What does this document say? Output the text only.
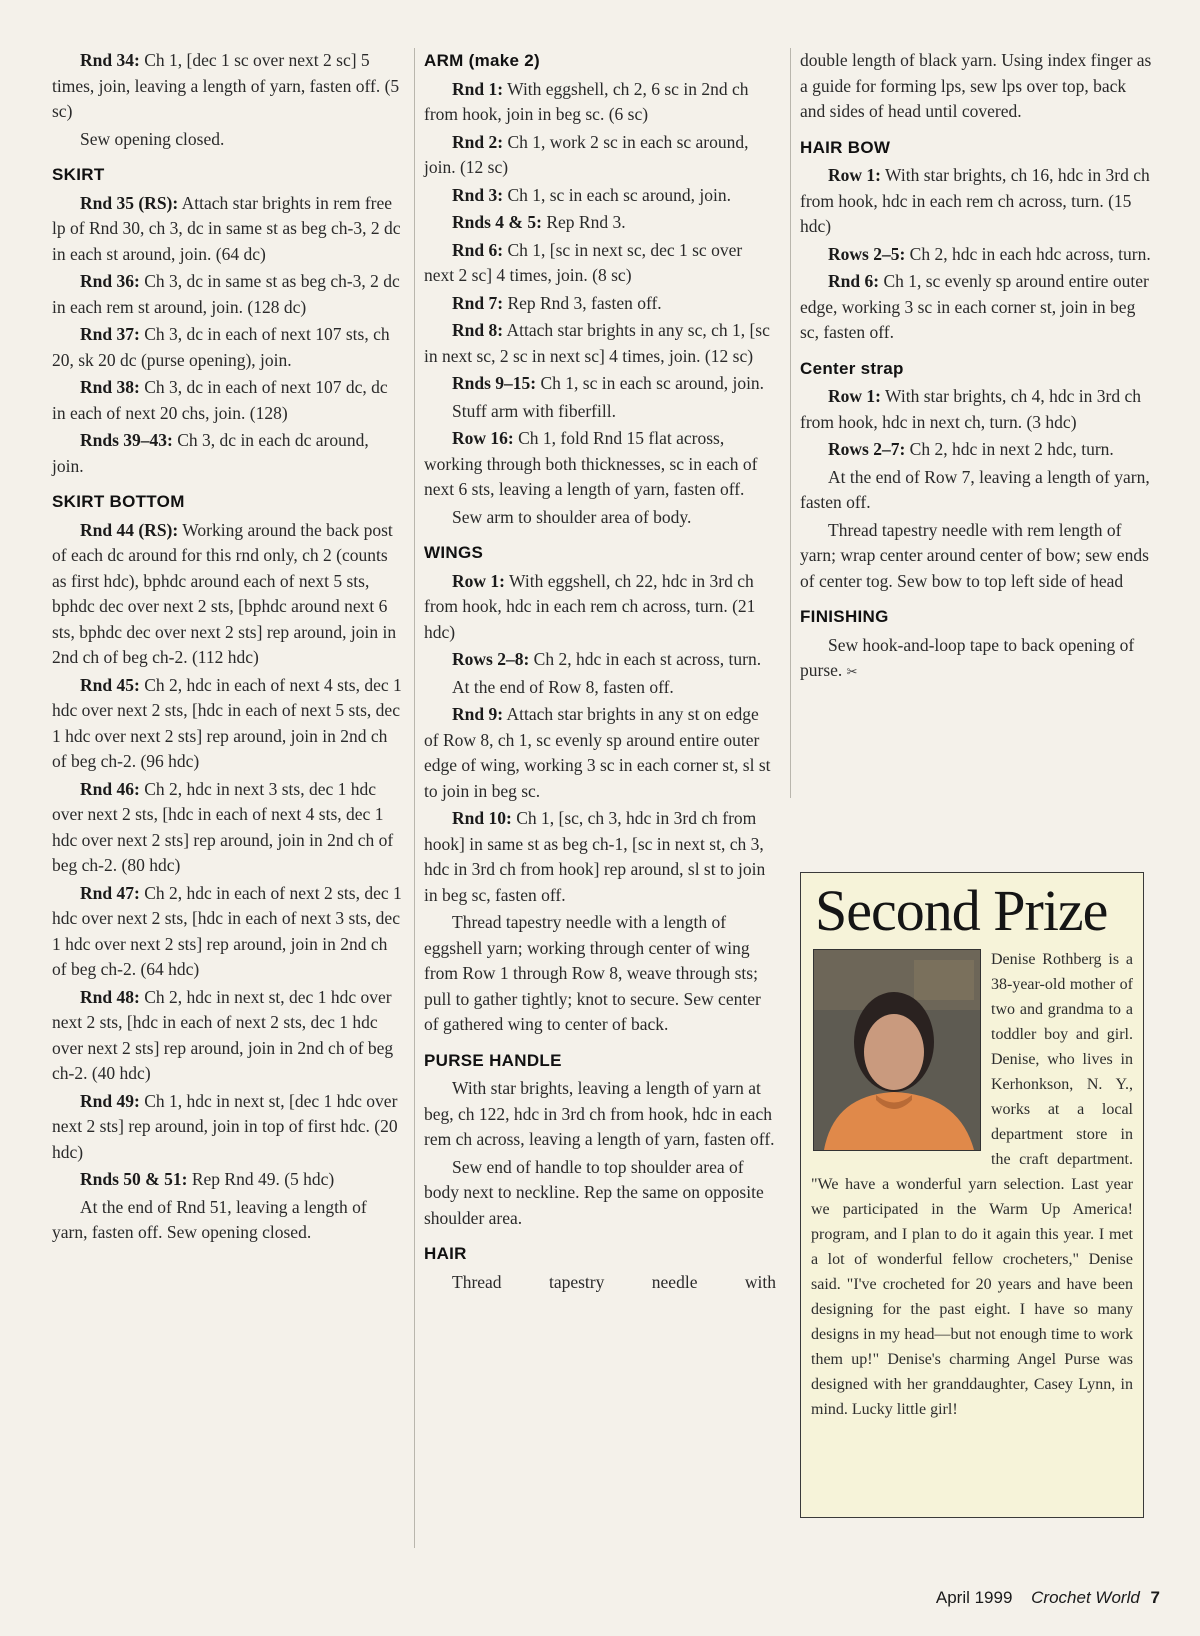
Rnd 34: Ch 1, [dec 1 sc over next 2 sc] 5 times, join, leaving a length of yarn, fasten off. (5 sc)

Sew opening closed.

SKIRT

Rnd 35 (RS): Attach star brights in rem free lp of Rnd 30, ch 3, dc in same st as beg ch-3, 2 dc in each st around, join. (64 dc)

Rnd 36: Ch 3, dc in same st as beg ch-3, 2 dc in each rem st around, join. (128 dc)

Rnd 37: Ch 3, dc in each of next 107 sts, ch 20, sk 20 dc (purse opening), join.

Rnd 38: Ch 3, dc in each of next 107 dc, dc in each of next 20 chs, join. (128)

Rnds 39–43: Ch 3, dc in each dc around, join.

SKIRT BOTTOM

Rnd 44 (RS): Working around the back post of each dc around for this rnd only, ch 2 (counts as first hdc), bphdc around each of next 5 sts, bphdc dec over next 2 sts, [bphdc around next 6 sts, bphdc dec over next 2 sts] rep around, join in 2nd ch of beg ch-2. (112 hdc)

Rnd 45: Ch 2, hdc in each of next 4 sts, dec 1 hdc over next 2 sts, [hdc in each of next 5 sts, dec 1 hdc over next 2 sts] rep around, join in 2nd ch of beg ch-2. (96 hdc)

Rnd 46: Ch 2, hdc in next 3 sts, dec 1 hdc over next 2 sts, [hdc in each of next 4 sts, dec 1 hdc over next 2 sts] rep around, join in 2nd ch of beg ch-2. (80 hdc)

Rnd 47: Ch 2, hdc in each of next 2 sts, dec 1 hdc over next 2 sts, [hdc in each of next 3 sts, dec 1 hdc over next 2 sts] rep around, join in 2nd ch of beg ch-2. (64 hdc)

Rnd 48: Ch 2, hdc in next st, dec 1 hdc over next 2 sts, [hdc in each of next 2 sts, dec 1 hdc over next 2 sts] rep around, join in 2nd ch of beg ch-2. (40 hdc)

Rnd 49: Ch 1, hdc in next st, [dec 1 hdc over next 2 sts] rep around, join in top of first hdc. (20 hdc)

Rnds 50 & 51: Rep Rnd 49. (5 hdc)

At the end of Rnd 51, leaving a length of yarn, fasten off. Sew opening closed.

ARM (make 2)

Rnd 1: With eggshell, ch 2, 6 sc in 2nd ch from hook, join in beg sc. (6 sc)

Rnd 2: Ch 1, work 2 sc in each sc around, join. (12 sc)

Rnd 3: Ch 1, sc in each sc around, join.

Rnds 4 & 5: Rep Rnd 3.

Rnd 6: Ch 1, [sc in next sc, dec 1 sc over next 2 sc] 4 times, join. (8 sc)

Rnd 7: Rep Rnd 3, fasten off.

Rnd 8: Attach star brights in any sc, ch 1, [sc in next sc, 2 sc in next sc] 4 times, join. (12 sc)

Rnds 9–15: Ch 1, sc in each sc around, join.

Stuff arm with fiberfill.

Row 16: Ch 1, fold Rnd 15 flat across, working through both thicknesses, sc in each of next 6 sts, leaving a length of yarn, fasten off.

Sew arm to shoulder area of body.

WINGS

Row 1: With eggshell, ch 22, hdc in 3rd ch from hook, hdc in each rem ch across, turn. (21 hdc)

Rows 2–8: Ch 2, hdc in each st across, turn.

At the end of Row 8, fasten off.

Rnd 9: Attach star brights in any st on edge of Row 8, ch 1, sc evenly sp around entire outer edge of wing, working 3 sc in each corner st, sl st to join in beg sc.

Rnd 10: Ch 1, [sc, ch 3, hdc in 3rd ch from hook] in same st as beg ch-1, [sc in next st, ch 3, hdc in 3rd ch from hook] rep around, sl st to join in beg sc, fasten off.

Thread tapestry needle with a length of eggshell yarn; working through center of wing from Row 1 through Row 8, weave through sts; pull to gather tightly; knot to secure. Sew center of gathered wing to center of back.

PURSE HANDLE

With star brights, leaving a length of yarn at beg, ch 122, hdc in 3rd ch from hook, hdc in each rem ch across, leaving a length of yarn, fasten off.

Sew end of handle to top shoulder area of body next to neckline. Rep the same on opposite shoulder area.

HAIR

Thread tapestry needle with

double length of black yarn. Using index finger as a guide for forming lps, sew lps over top, back and sides of head until covered.

HAIR BOW

Row 1: With star brights, ch 16, hdc in 3rd ch from hook, hdc in each rem ch across, turn. (15 hdc)

Rows 2–5: Ch 2, hdc in each hdc across, turn.

Rnd 6: Ch 1, sc evenly sp around entire outer edge, working 3 sc in each corner st, join in beg sc, fasten off.

Center strap

Row 1: With star brights, ch 4, hdc in 3rd ch from hook, hdc in next ch, turn. (3 hdc)

Rows 2–7: Ch 2, hdc in next 2 hdc, turn.

At the end of Row 7, leaving a length of yarn, fasten off.

Thread tapestry needle with rem length of yarn; wrap center around center of bow; sew ends of center tog. Sew bow to top left side of head

FINISHING

Sew hook-and-loop tape to back opening of purse. ✂

Second Prize
Denise Rothberg is a 38-year-old mother of two and grandma to a toddler boy and girl. Denise, who lives in Kerhonkson, N. Y., works at a local department store in the craft department. "We have a wonderful yarn selection. Last year we participated in the Warm Up America! program, and I plan to do it again this year. I met a lot of wonderful fellow crocheters," Denise said. "I've crocheted for 20 years and have been designing for the past eight. I have so many designs in my head—but not enough time to work them up!" Denise's charming Angel Purse was designed with her granddaughter, Casey Lynn, in mind. Lucky little girl!
April 1999 Crochet World 7
